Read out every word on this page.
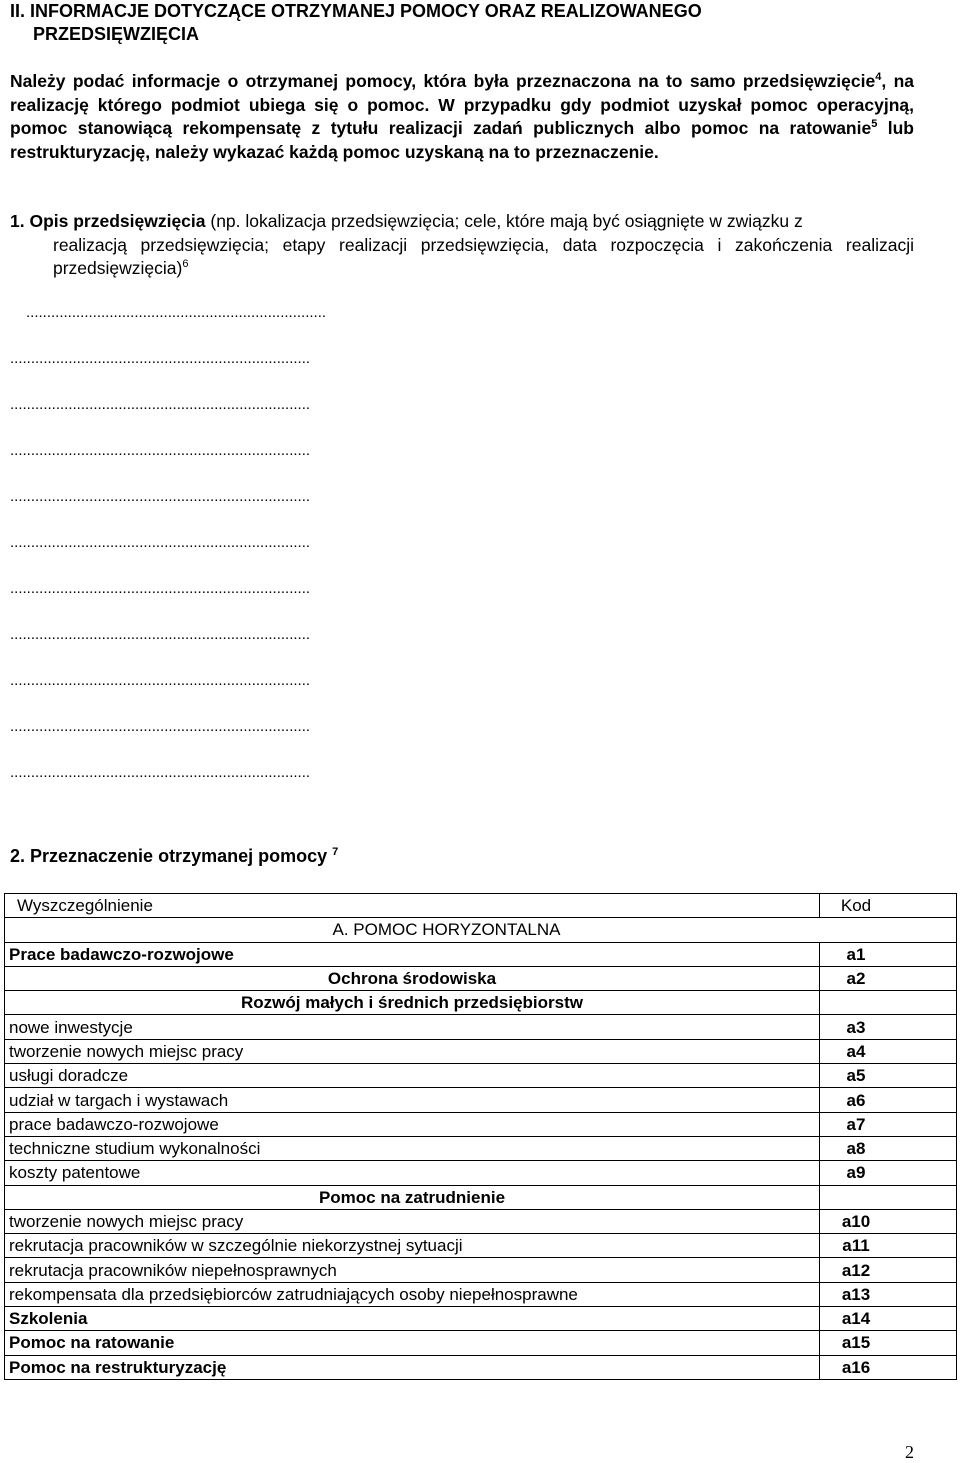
II. INFORMACJE DOTYCZĄCE OTRZYMANEJ POMOCY ORAZ REALIZOWANEGO
PRZEDSIĘWZIĘCIA
Należy podać informacje o otrzymanej pomocy, która była przeznaczona na to samo przedsięwzięcie$^4$, na realizację którego podmiot ubiega się o pomoc. W przypadku gdy podmiot uzyskał pomoc operacyjną, pomoc stanowiącą rekompensatę z tytułu realizacji zadań publicznych albo pomoc na ratowanie$^5$ lub restrukturyzację, należy wykazać każdą pomoc uzyskaną na to przeznaczenie.
1. Opis przedsięwzięcia (np. lokalizacja przedsięwzięcia; cele, które mają być osiągnięte w związku z
realizacją przedsięwzięcia; etapy realizacji przedsięwzięcia, data rozpoczęcia i zakończenia realizacji przedsięwzięcia)$^6$
........................................................................
........................................................................
........................................................................
........................................................................
........................................................................
........................................................................
........................................................................
........................................................................
........................................................................
........................................................................
........................................................................
2. Przeznaczenie otrzymanej pomocy $^7$
Wyszczególnienie	Kod	
A. POMOC HORYZONTALNA		
Prace badawczo-rozwojowe	a1	
Ochrona środowiska	a2	
Rozwój małych i średnich przedsiębiorstw		
nowe inwestycje	a3	
tworzenie nowych miejsc pracy	a4	
usługi doradcze	a5	
udział w targach i wystawach	a6	
prace badawczo-rozwojowe	a7	
techniczne studium wykonalności	a8	
koszty patentowe	a9	
Pomoc na zatrudnienie		
tworzenie nowych miejsc pracy	a10	
rekrutacja pracowników w szczególnie niekorzystnej sytuacji	a11	
rekrutacja pracowników niepełnosprawnych	a12	
rekompensata dla przedsiębiorców zatrudniających osoby niepełnosprawne	a13	
Szkolenia	a14	
Pomoc na ratowanie	a15	
Pomoc na restrukturyzację	a16	
2
